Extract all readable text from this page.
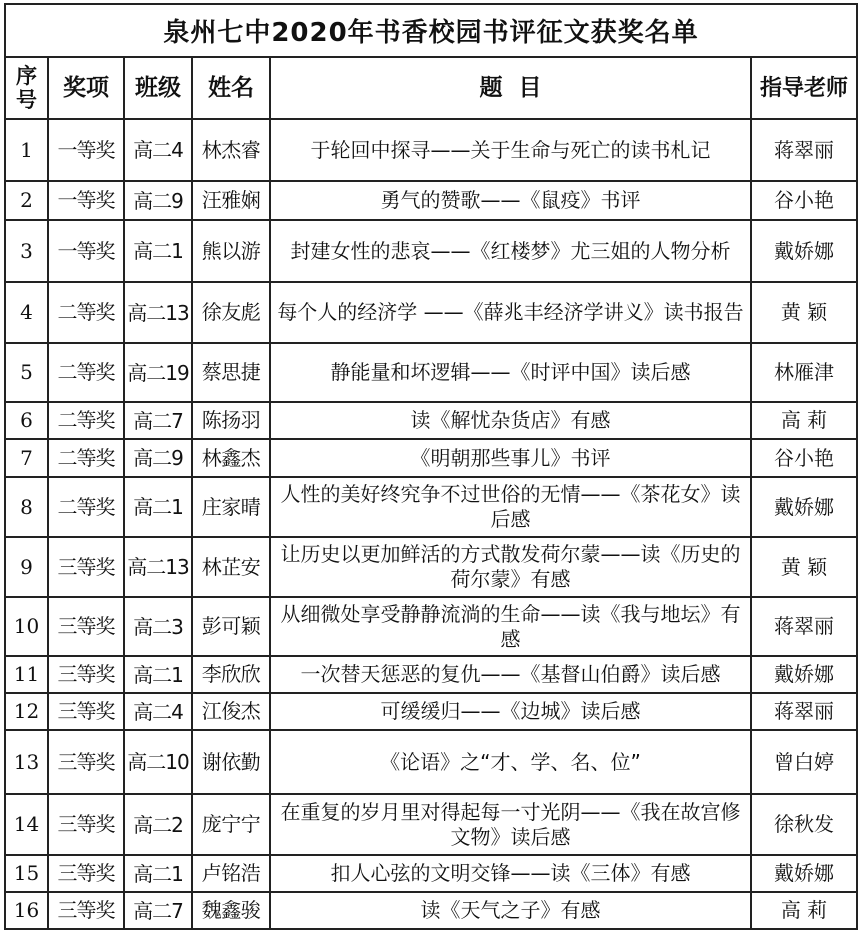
泉州七中2020年书香校园书评征文获奖名单					
序号	奖项	班级	姓名	题  目	指导老师
1	一等奖	高二4	林杰睿	于轮回中探寻——关于生命与死亡的读书札记	蒋翠丽
2	一等奖	高二9	汪雅娴	勇气的赞歌——《鼠疫》书评	谷小艳
3	一等奖	高二1	熊以游	封建女性的悲哀——《红楼梦》尤三姐的人物分析	戴娇娜
4	二等奖	高二13	徐友彪	每个人的经济学 ——《薛兆丰经济学讲义》读书报告	黄 颖
5	二等奖	高二19	蔡思捷	静能量和坏逻辑——《时评中国》读后感	林雁津
6	二等奖	高二7	陈扬羽	读《解忧杂货店》有感	高 莉
7	二等奖	高二9	林鑫杰	《明朝那些事儿》书评	谷小艳
8	二等奖	高二1	庄家晴	人性的美好终究争不过世俗的无情——《茶花女》读后感	戴娇娜
9	三等奖	高二13	林芷安	让历史以更加鲜活的方式散发荷尔蒙——读《历史的荷尔蒙》有感	黄 颖
10	三等奖	高二3	彭可颖	从细微处享受静静流淌的生命——读《我与地坛》有感	蒋翠丽
11	三等奖	高二1	李欣欣	一次替天惩恶的复仇——《基督山伯爵》读后感	戴娇娜
12	三等奖	高二4	江俊杰	可缓缓归——《边城》读后感	蒋翠丽
13	三等奖	高二10	谢依勤	《论语》之“才、学、名、位”	曾白婷
14	三等奖	高二2	庞宁宁	在重复的岁月里对得起每一寸光阴——《我在故宫修文物》读后感	徐秋发
15	三等奖	高二1	卢铭浩	扣人心弦的文明交锋——读《三体》有感	戴娇娜
16	三等奖	高二7	魏鑫骏	读《天气之子》有感	高 莉
